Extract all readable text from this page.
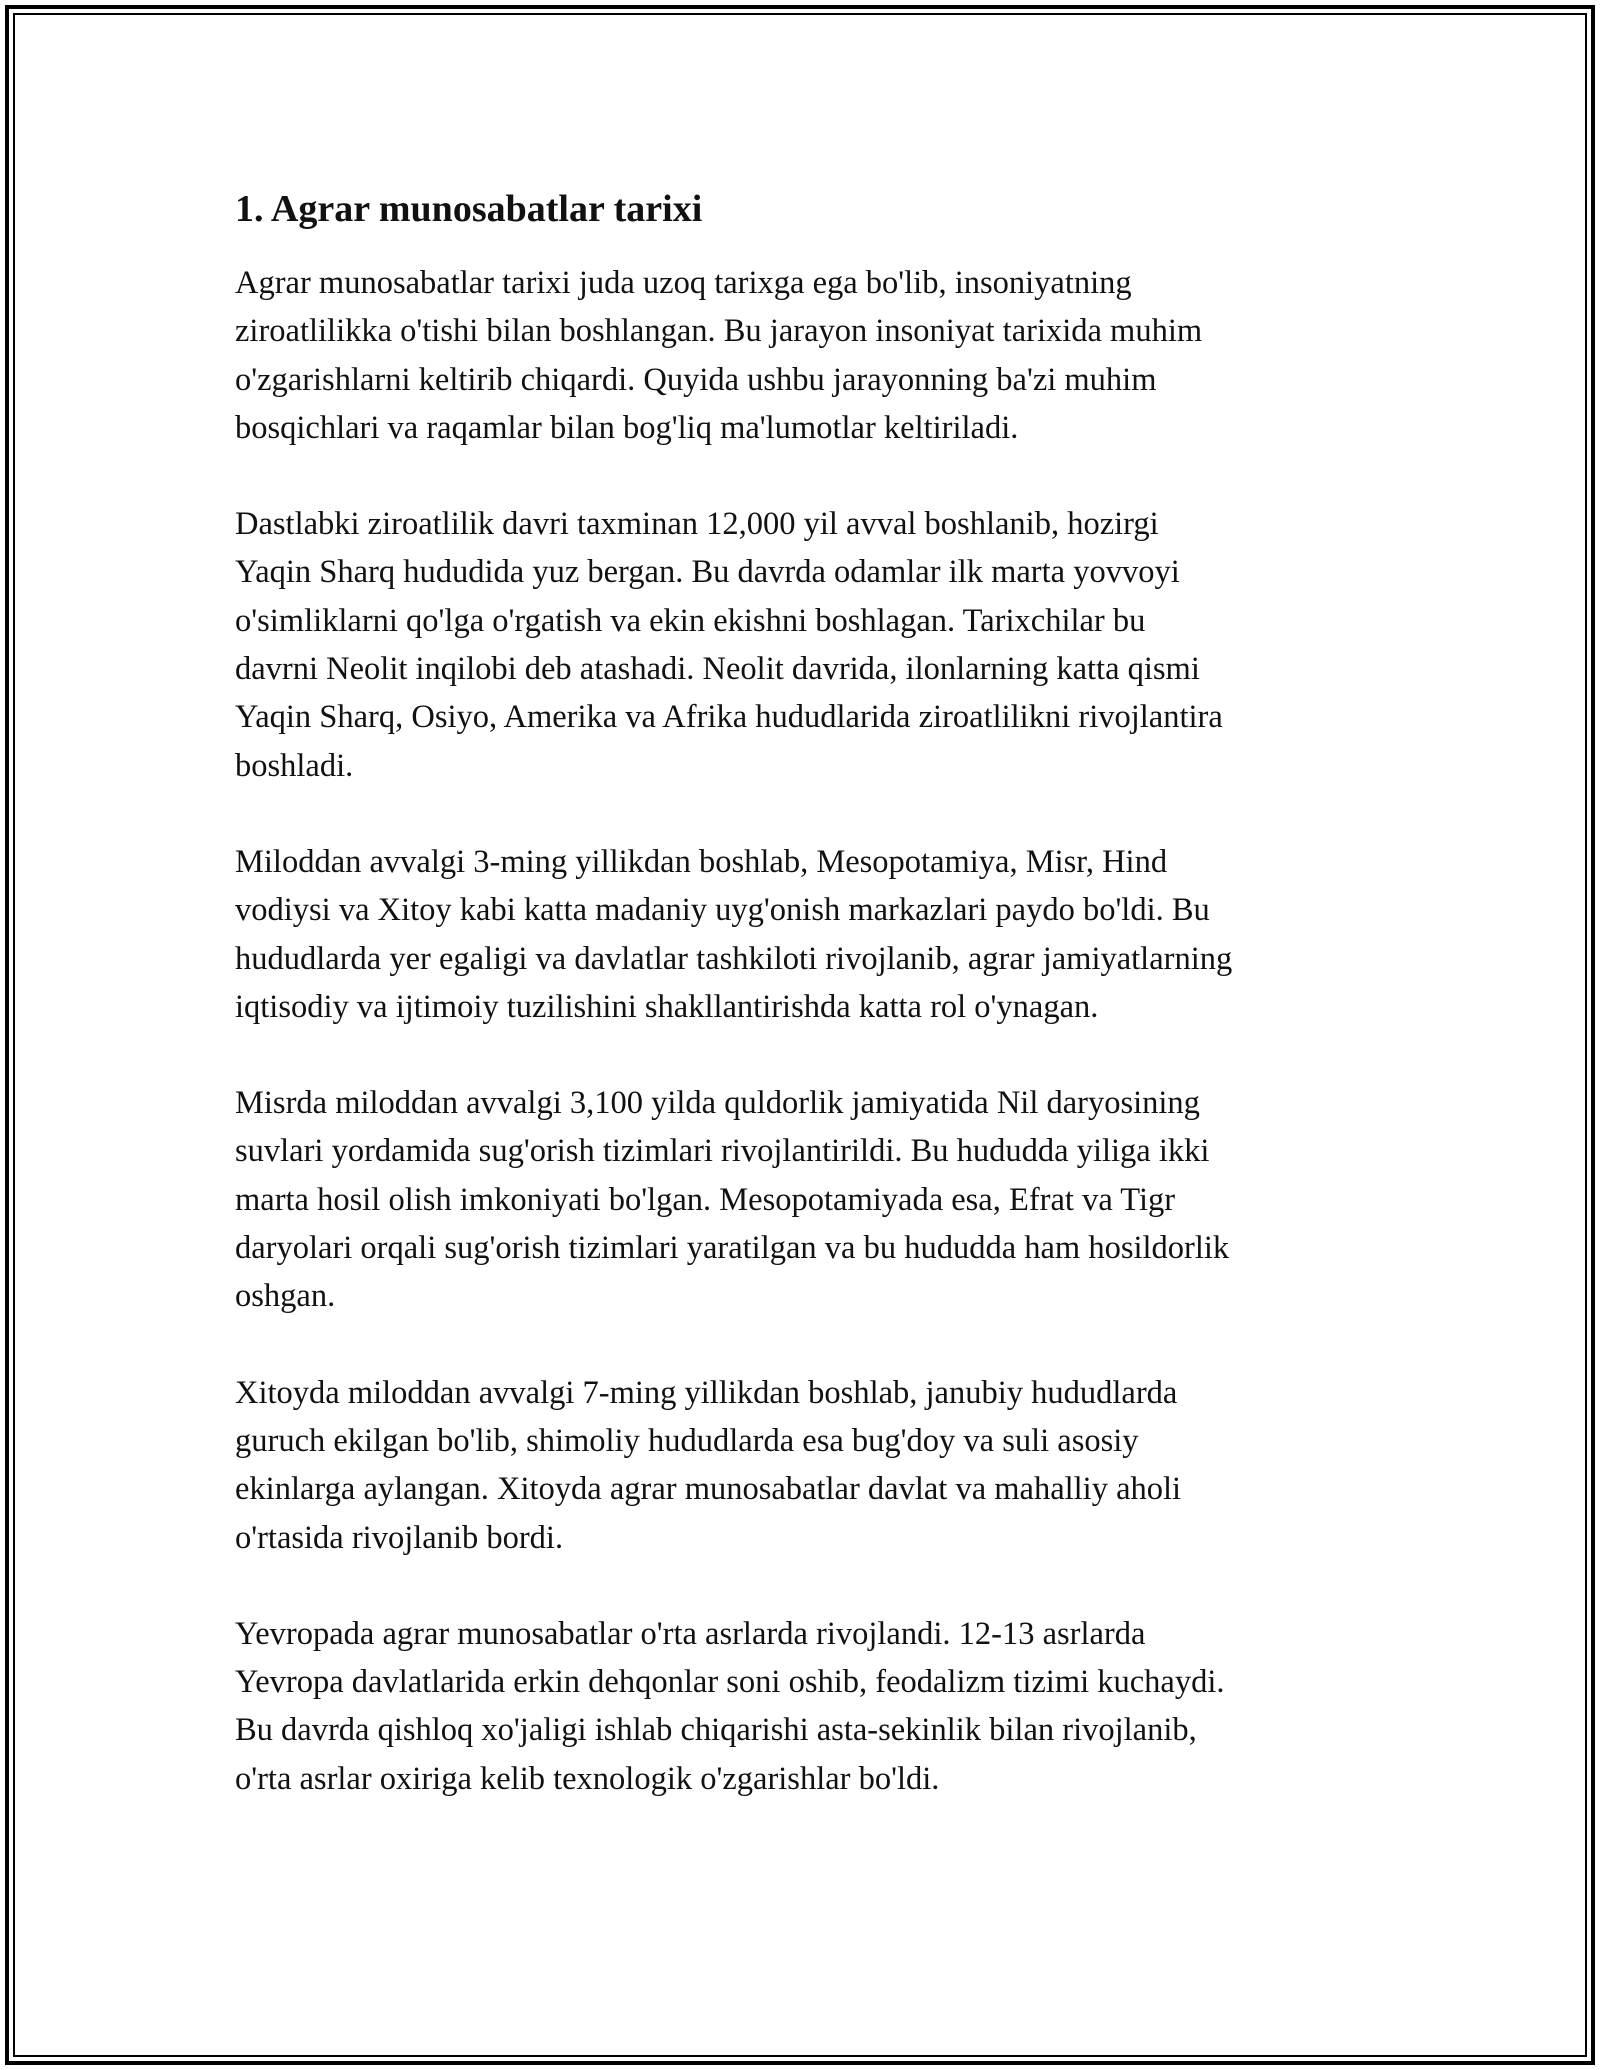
1. Agrar munosabatlar tarixi

Agrar munosabatlar tarixi juda uzoq tarixga ega bo'lib, insoniyatning
ziroatlilikka o'tishi bilan boshlangan. Bu jarayon insoniyat tarixida muhim
o'zgarishlarni keltirib chiqardi. Quyida ushbu jarayonning ba'zi muhim
bosqichlari va raqamlar bilan bog'liq ma'lumotlar keltiriladi.

Dastlabki ziroatlilik davri taxminan 12,000 yil avval boshlanib, hozirgi
Yaqin Sharq hududida yuz bergan. Bu davrda odamlar ilk marta yovvoyi
o'simliklarni qo'lga o'rgatish va ekin ekishni boshlagan. Tarixchilar bu
davrni Neolit inqilobi deb atashadi. Neolit davrida, ilonlarning katta qismi
Yaqin Sharq, Osiyo, Amerika va Afrika hududlarida ziroatlilikni rivojlantira
boshladi.

Miloddan avvalgi 3-ming yillikdan boshlab, Mesopotamiya, Misr, Hind
vodiysi va Xitoy kabi katta madaniy uyg'onish markazlari paydo bo'ldi. Bu
hududlarda yer egaligi va davlatlar tashkiloti rivojlanib, agrar jamiyatlarning
iqtisodiy va ijtimoiy tuzilishini shakllantirishda katta rol o'ynagan.

Misrda miloddan avvalgi 3,100 yilda quldorlik jamiyatida Nil daryosining
suvlari yordamida sug'orish tizimlari rivojlantirildi. Bu hududda yiliga ikki
marta hosil olish imkoniyati bo'lgan. Mesopotamiyada esa, Efrat va Tigr
daryolari orqali sug'orish tizimlari yaratilgan va bu hududda ham hosildorlik
oshgan.

Xitoyda miloddan avvalgi 7-ming yillikdan boshlab, janubiy hududlarda
guruch ekilgan bo'lib, shimoliy hududlarda esa bug'doy va suli asosiy
ekinlarga aylangan. Xitoyda agrar munosabatlar davlat va mahalliy aholi
o'rtasida rivojlanib bordi.

Yevropada agrar munosabatlar o'rta asrlarda rivojlandi. 12-13 asrlarda
Yevropa davlatlarida erkin dehqonlar soni oshib, feodalizm tizimi kuchaydi.
Bu davrda qishloq xo'jaligi ishlab chiqarishi asta-sekinlik bilan rivojlanib,
o'rta asrlar oxiriga kelib texnologik o'zgarishlar bo'ldi.
